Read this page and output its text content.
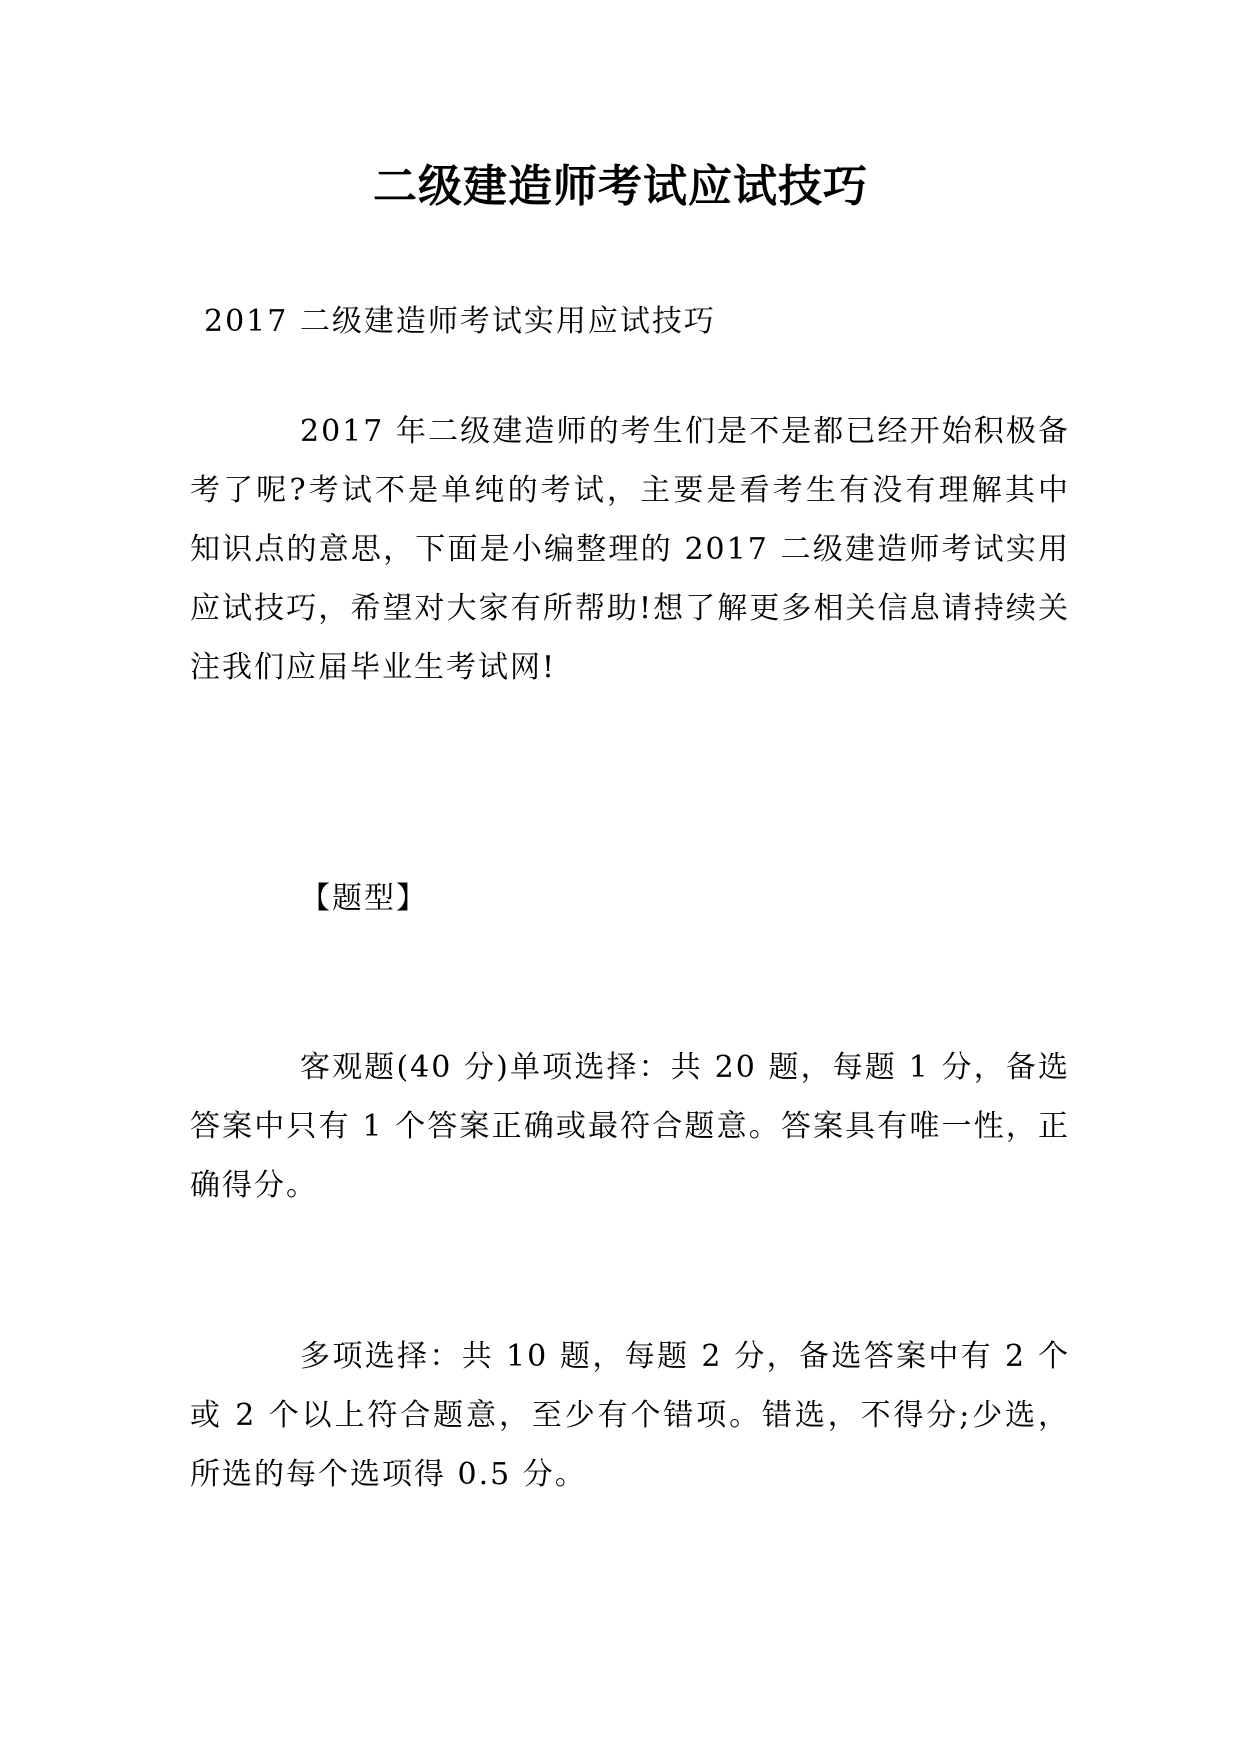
二级建造师考试应试技巧
2017 二级建造师考试实用应试技巧
2017 年二级建造师的考生们是不是都已经开始积极备考了呢?考试不是单纯的考试，主要是看考生有没有理解其中知识点的意思，下面是小编整理的 2017 二级建造师考试实用应试技巧，希望对大家有所帮助!想了解更多相关信息请持续关注我们应届毕业生考试网!
【题型】
客观题(40 分)单项选择：共 20 题，每题 1 分，备选答案中只有 1 个答案正确或最符合题意。答案具有唯一性，正确得分。
多项选择：共 10 题，每题 2 分，备选答案中有 2 个或 2 个以上符合题意，至少有个错项。错选，不得分;少选，所选的每个选项得 0.5 分。
